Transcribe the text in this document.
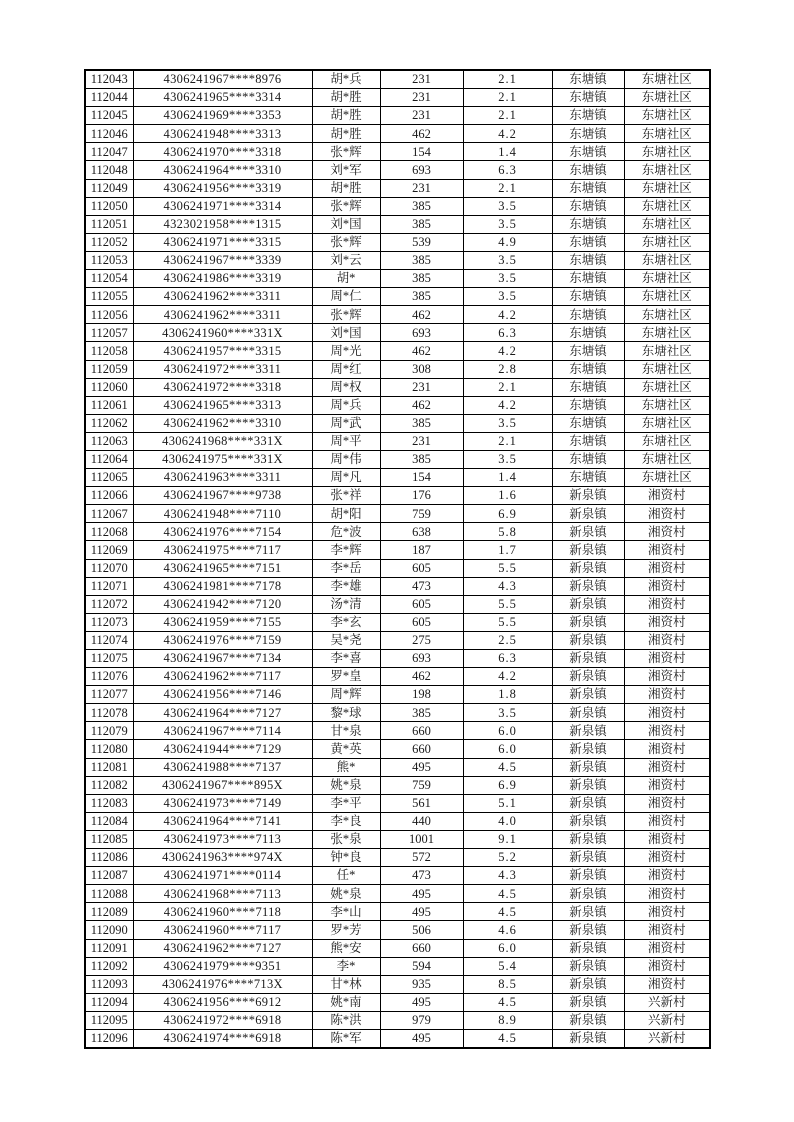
112043	4306241967****8976	胡*兵	231	2.1	东塘镇	东塘社区
112044	4306241965****3314	胡*胜	231	2.1	东塘镇	东塘社区
112045	4306241969****3353	胡*胜	231	2.1	东塘镇	东塘社区
112046	4306241948****3313	胡*胜	462	4.2	东塘镇	东塘社区
112047	4306241970****3318	张*辉	154	1.4	东塘镇	东塘社区
112048	4306241964****3310	刘*军	693	6.3	东塘镇	东塘社区
112049	4306241956****3319	胡*胜	231	2.1	东塘镇	东塘社区
112050	4306241971****3314	张*辉	385	3.5	东塘镇	东塘社区
112051	4323021958****1315	刘*国	385	3.5	东塘镇	东塘社区
112052	4306241971****3315	张*辉	539	4.9	东塘镇	东塘社区
112053	4306241967****3339	刘*云	385	3.5	东塘镇	东塘社区
112054	4306241986****3319	胡*	385	3.5	东塘镇	东塘社区
112055	4306241962****3311	周*仁	385	3.5	东塘镇	东塘社区
112056	4306241962****3311	张*辉	462	4.2	东塘镇	东塘社区
112057	4306241960****331X	刘*国	693	6.3	东塘镇	东塘社区
112058	4306241957****3315	周*光	462	4.2	东塘镇	东塘社区
112059	4306241972****3311	周*红	308	2.8	东塘镇	东塘社区
112060	4306241972****3318	周*权	231	2.1	东塘镇	东塘社区
112061	4306241965****3313	周*兵	462	4.2	东塘镇	东塘社区
112062	4306241962****3310	周*武	385	3.5	东塘镇	东塘社区
112063	4306241968****331X	周*平	231	2.1	东塘镇	东塘社区
112064	4306241975****331X	周*伟	385	3.5	东塘镇	东塘社区
112065	4306241963****3311	周*凡	154	1.4	东塘镇	东塘社区
112066	4306241967****9738	张*祥	176	1.6	新泉镇	湘资村
112067	4306241948****7110	胡*阳	759	6.9	新泉镇	湘资村
112068	4306241976****7154	危*波	638	5.8	新泉镇	湘资村
112069	4306241975****7117	李*辉	187	1.7	新泉镇	湘资村
112070	4306241965****7151	李*岳	605	5.5	新泉镇	湘资村
112071	4306241981****7178	李*雄	473	4.3	新泉镇	湘资村
112072	4306241942****7120	汤*清	605	5.5	新泉镇	湘资村
112073	4306241959****7155	李*玄	605	5.5	新泉镇	湘资村
112074	4306241976****7159	吴*尧	275	2.5	新泉镇	湘资村
112075	4306241967****7134	李*喜	693	6.3	新泉镇	湘资村
112076	4306241962****7117	罗*皇	462	4.2	新泉镇	湘资村
112077	4306241956****7146	周*辉	198	1.8	新泉镇	湘资村
112078	4306241964****7127	黎*球	385	3.5	新泉镇	湘资村
112079	4306241967****7114	甘*泉	660	6.0	新泉镇	湘资村
112080	4306241944****7129	黄*英	660	6.0	新泉镇	湘资村
112081	4306241988****7137	熊*	495	4.5	新泉镇	湘资村
112082	4306241967****895X	姚*泉	759	6.9	新泉镇	湘资村
112083	4306241973****7149	李*平	561	5.1	新泉镇	湘资村
112084	4306241964****7141	李*良	440	4.0	新泉镇	湘资村
112085	4306241973****7113	张*泉	1001	9.1	新泉镇	湘资村
112086	4306241963****974X	钟*良	572	5.2	新泉镇	湘资村
112087	4306241971****0114	任*	473	4.3	新泉镇	湘资村
112088	4306241968****7113	姚*泉	495	4.5	新泉镇	湘资村
112089	4306241960****7118	李*山	495	4.5	新泉镇	湘资村
112090	4306241960****7117	罗*芳	506	4.6	新泉镇	湘资村
112091	4306241962****7127	熊*安	660	6.0	新泉镇	湘资村
112092	4306241979****9351	李*	594	5.4	新泉镇	湘资村
112093	4306241976****713X	甘*林	935	8.5	新泉镇	湘资村
112094	4306241956****6912	姚*南	495	4.5	新泉镇	兴新村
112095	4306241972****6918	陈*洪	979	8.9	新泉镇	兴新村
112096	4306241974****6918	陈*军	495	4.5	新泉镇	兴新村
